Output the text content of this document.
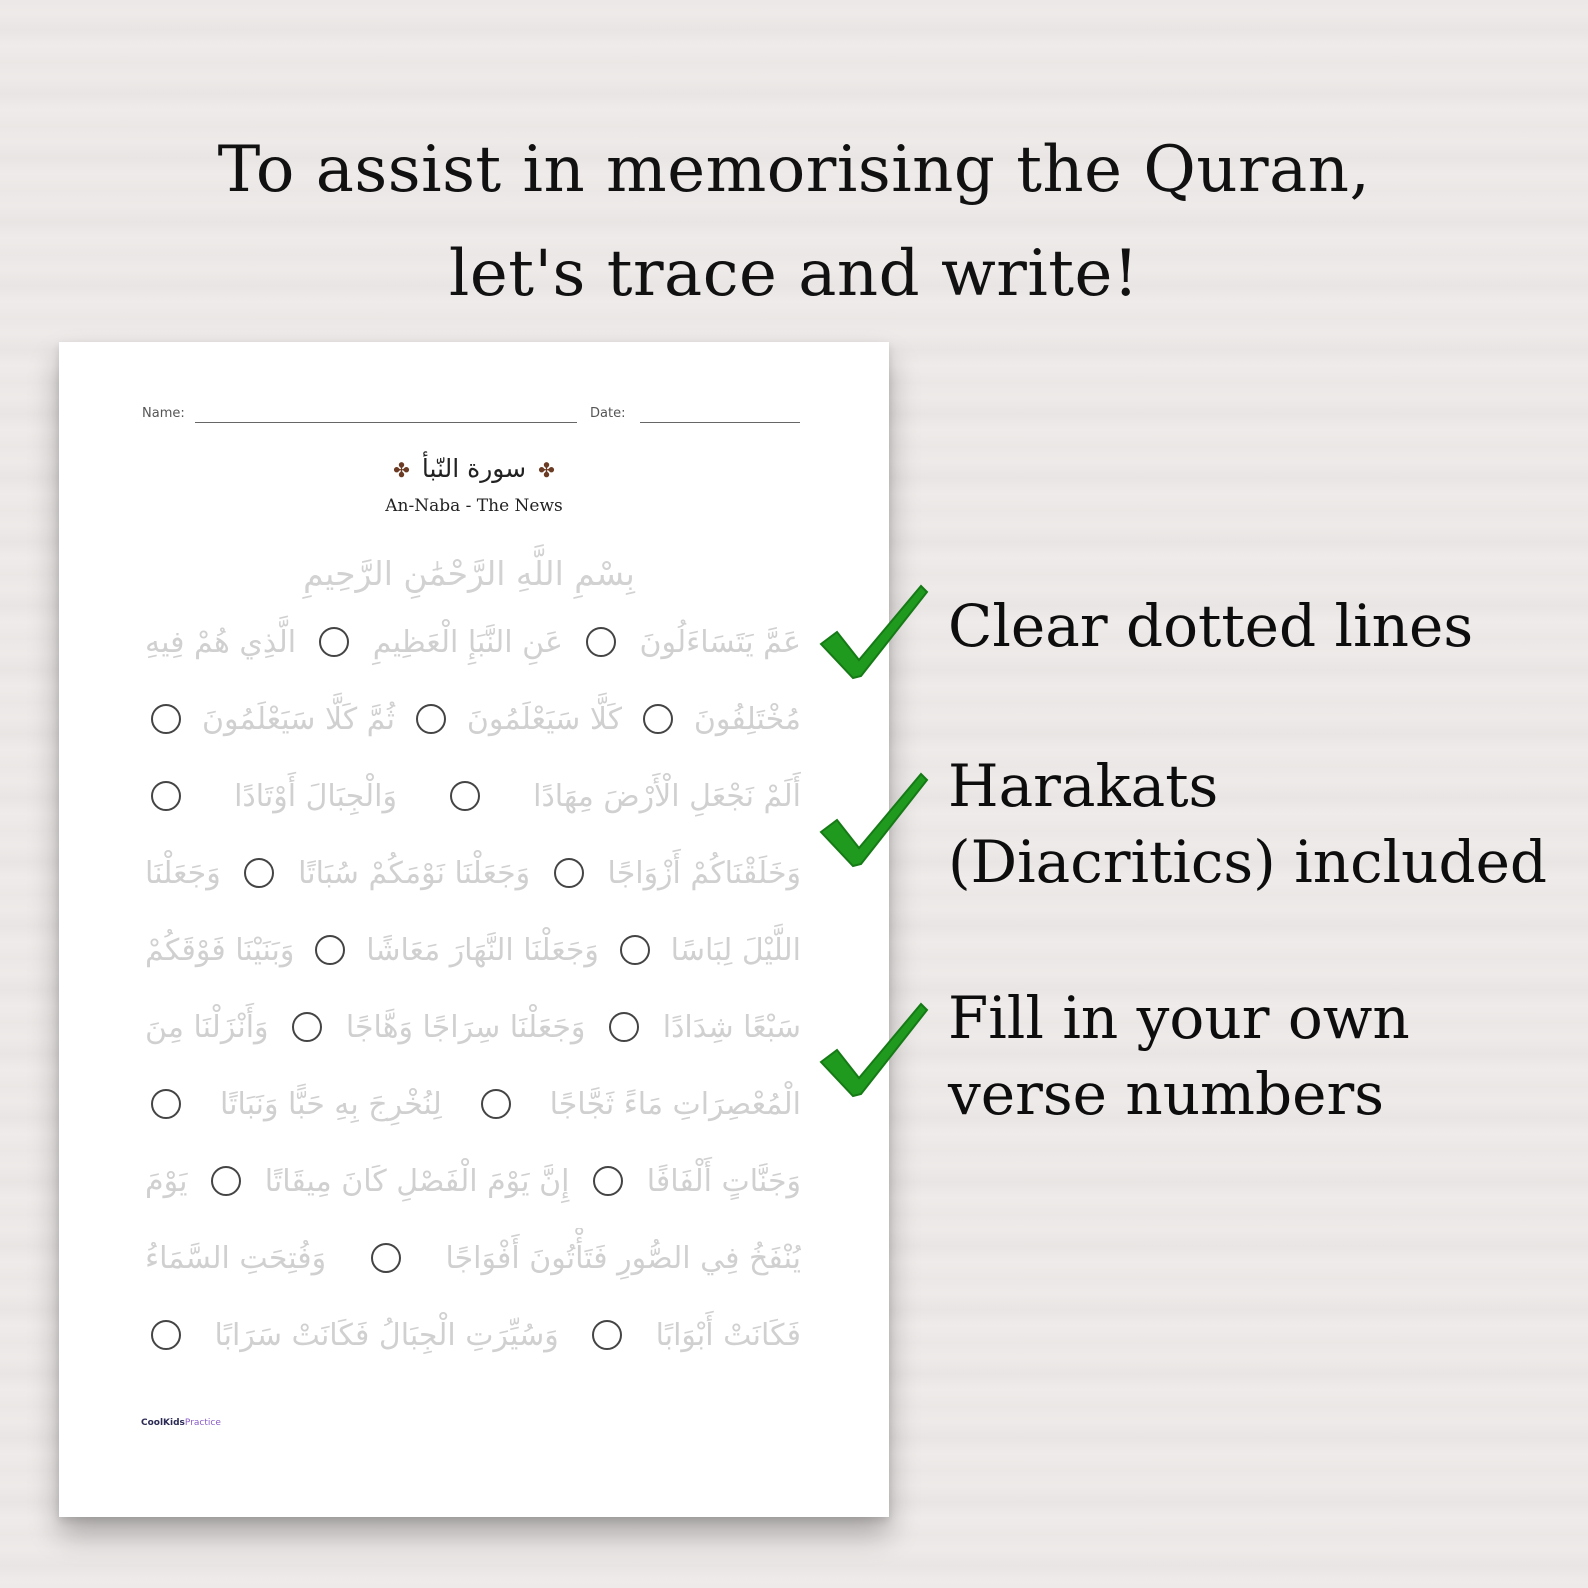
To assist in memorising the Quran,
let's trace and write!
Name:	Date:
✤سورة النّبأ✤
An-Naba - The News
بِسْمِ اللَّهِ الرَّحْمَٰنِ الرَّحِيمِ
عَمَّ يَتَسَاءَلُونَ
عَنِ النَّبَإِ الْعَظِيمِ
الَّذِي هُمْ فِيهِ
مُخْتَلِفُونَ
كَلَّا سَيَعْلَمُونَ
ثُمَّ كَلَّا سَيَعْلَمُونَ
أَلَمْ نَجْعَلِ الْأَرْضَ مِهَادًا
وَالْجِبَالَ أَوْتَادًا
وَخَلَقْنَاكُمْ أَزْوَاجًا
وَجَعَلْنَا نَوْمَكُمْ سُبَاتًا
وَجَعَلْنَا
اللَّيْلَ لِبَاسًا
وَجَعَلْنَا النَّهَارَ مَعَاشًا
وَبَنَيْنَا فَوْقَكُمْ
سَبْعًا شِدَادًا
وَجَعَلْنَا سِرَاجًا وَهَّاجًا
وَأَنْزَلْنَا مِنَ
الْمُعْصِرَاتِ مَاءً ثَجَّاجًا
لِنُخْرِجَ بِهِ حَبًّا وَنَبَاتًا
وَجَنَّاتٍ أَلْفَافًا
إِنَّ يَوْمَ الْفَصْلِ كَانَ مِيقَاتًا
يَوْمَ
يُنْفَخُ فِي الصُّورِ فَتَأْتُونَ أَفْوَاجًا
وَفُتِحَتِ السَّمَاءُ
فَكَانَتْ أَبْوَابًا
وَسُيِّرَتِ الْجِبَالُ فَكَانَتْ سَرَابًا
CoolKidsPractice
Clear dotted lines
Harakats
(Diacritics) included
Fill in your own
verse numbers
